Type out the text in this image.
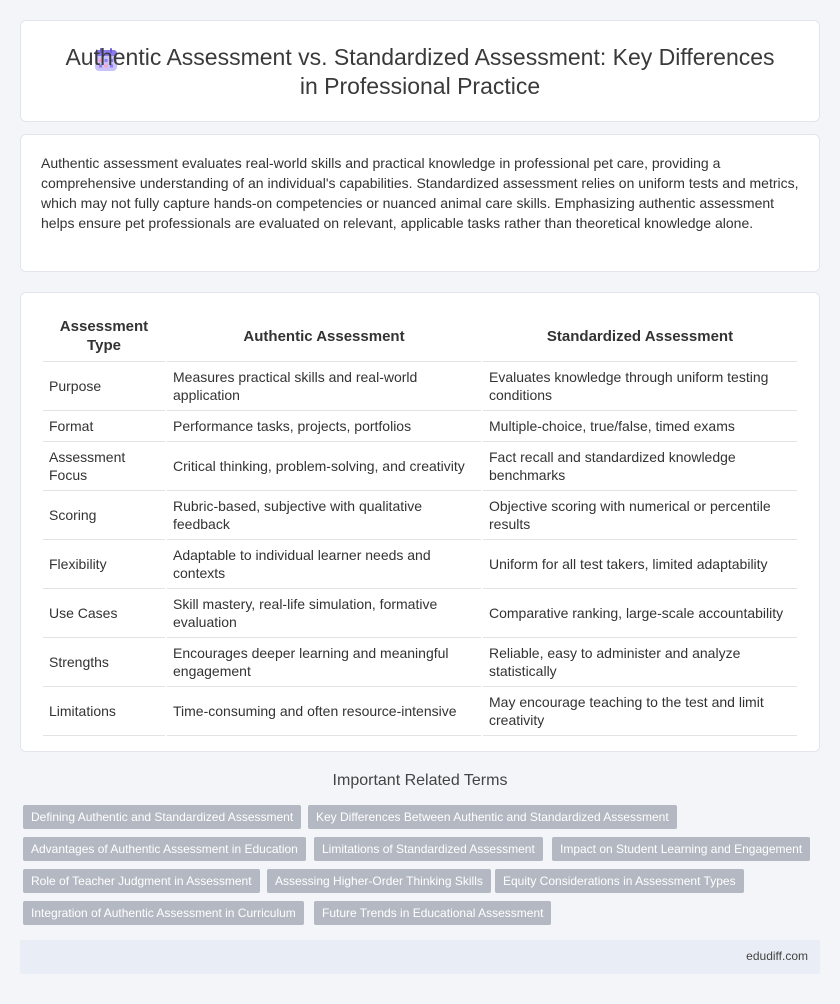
Authentic Assessment vs. Standardized Assessment: Key Differences in Professional Practice

Authentic assessment evaluates real-world skills and practical knowledge in professional pet care, providing a comprehensive understanding of an individual's capabilities. Standardized assessment relies on uniform tests and metrics, which may not fully capture hands-on competencies or nuanced animal care skills. Emphasizing authentic assessment helps ensure pet professionals are evaluated on relevant, applicable tasks rather than theoretical knowledge alone.

Assessment Type	Authentic Assessment	Standardized Assessment
Purpose	Measures practical skills and real-world application	Evaluates knowledge through uniform testing conditions
Format	Performance tasks, projects, portfolios	Multiple-choice, true/false, timed exams
Assessment Focus	Critical thinking, problem-solving, and creativity	Fact recall and standardized knowledge benchmarks
Scoring	Rubric-based, subjective with qualitative feedback	Objective scoring with numerical or percentile results
Flexibility	Adaptable to individual learner needs and contexts	Uniform for all test takers, limited adaptability
Use Cases	Skill mastery, real-life simulation, formative evaluation	Comparative ranking, large-scale accountability
Strengths	Encourages deeper learning and meaningful engagement	Reliable, easy to administer and analyze statistically
Limitations	Time-consuming and often resource-intensive	May encourage teaching to the test and limit creativity
Important Related Terms
Defining Authentic and Standardized Assessment	Key Differences Between Authentic and Standardized Assessment
Advantages of Authentic Assessment in Education	Limitations of Standardized Assessment	Impact on Student Learning and Engagement
Role of Teacher Judgment in Assessment	Assessing Higher-Order Thinking Skills	Equity Considerations in Assessment Types
Integration of Authentic Assessment in Curriculum	Future Trends in Educational Assessment
edudiff.com
